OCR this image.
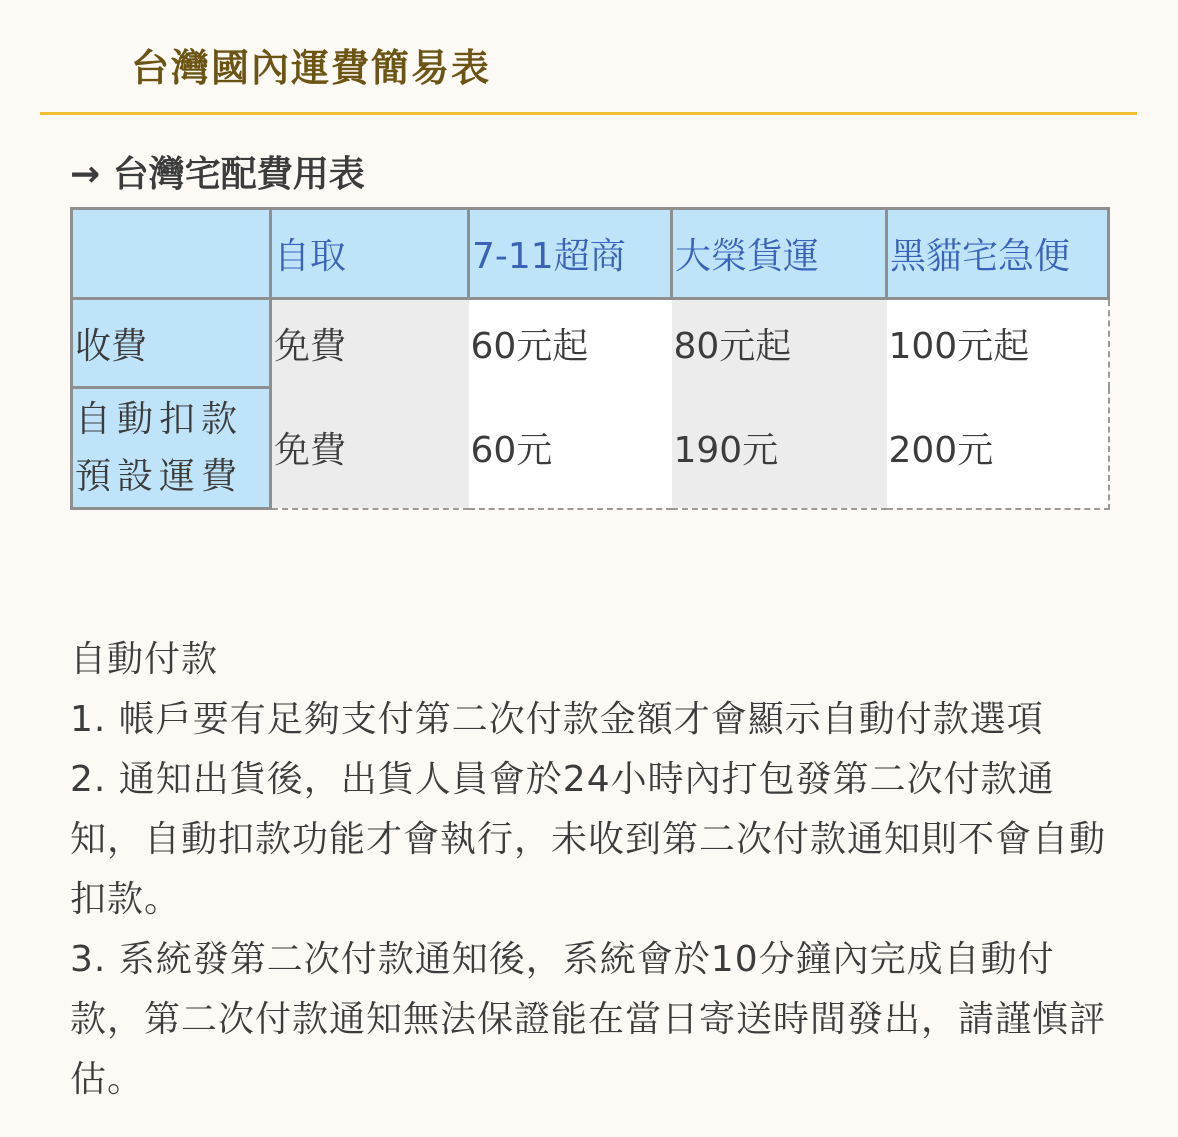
台灣國內運費簡易表
→ 台灣宅配費用表
	自取	7-11超商	大榮貨運	黑貓宅急便
收費	免費	60元起	80元起	100元起
自動扣款預設運費	免費	60元	190元	200元

自動付款

1. 帳戶要有足夠支付第二次付款金額才會顯示自動付款選項

2. 通知出貨後，出貨人員會於24小時內打包發第二次付款通知，自動扣款功能才會執行，未收到第二次付款通知則不會自動扣款。

3. 系統發第二次付款通知後，系統會於10分鐘內完成自動付款，第二次付款通知無法保證能在當日寄送時間發出，請謹慎評估。
